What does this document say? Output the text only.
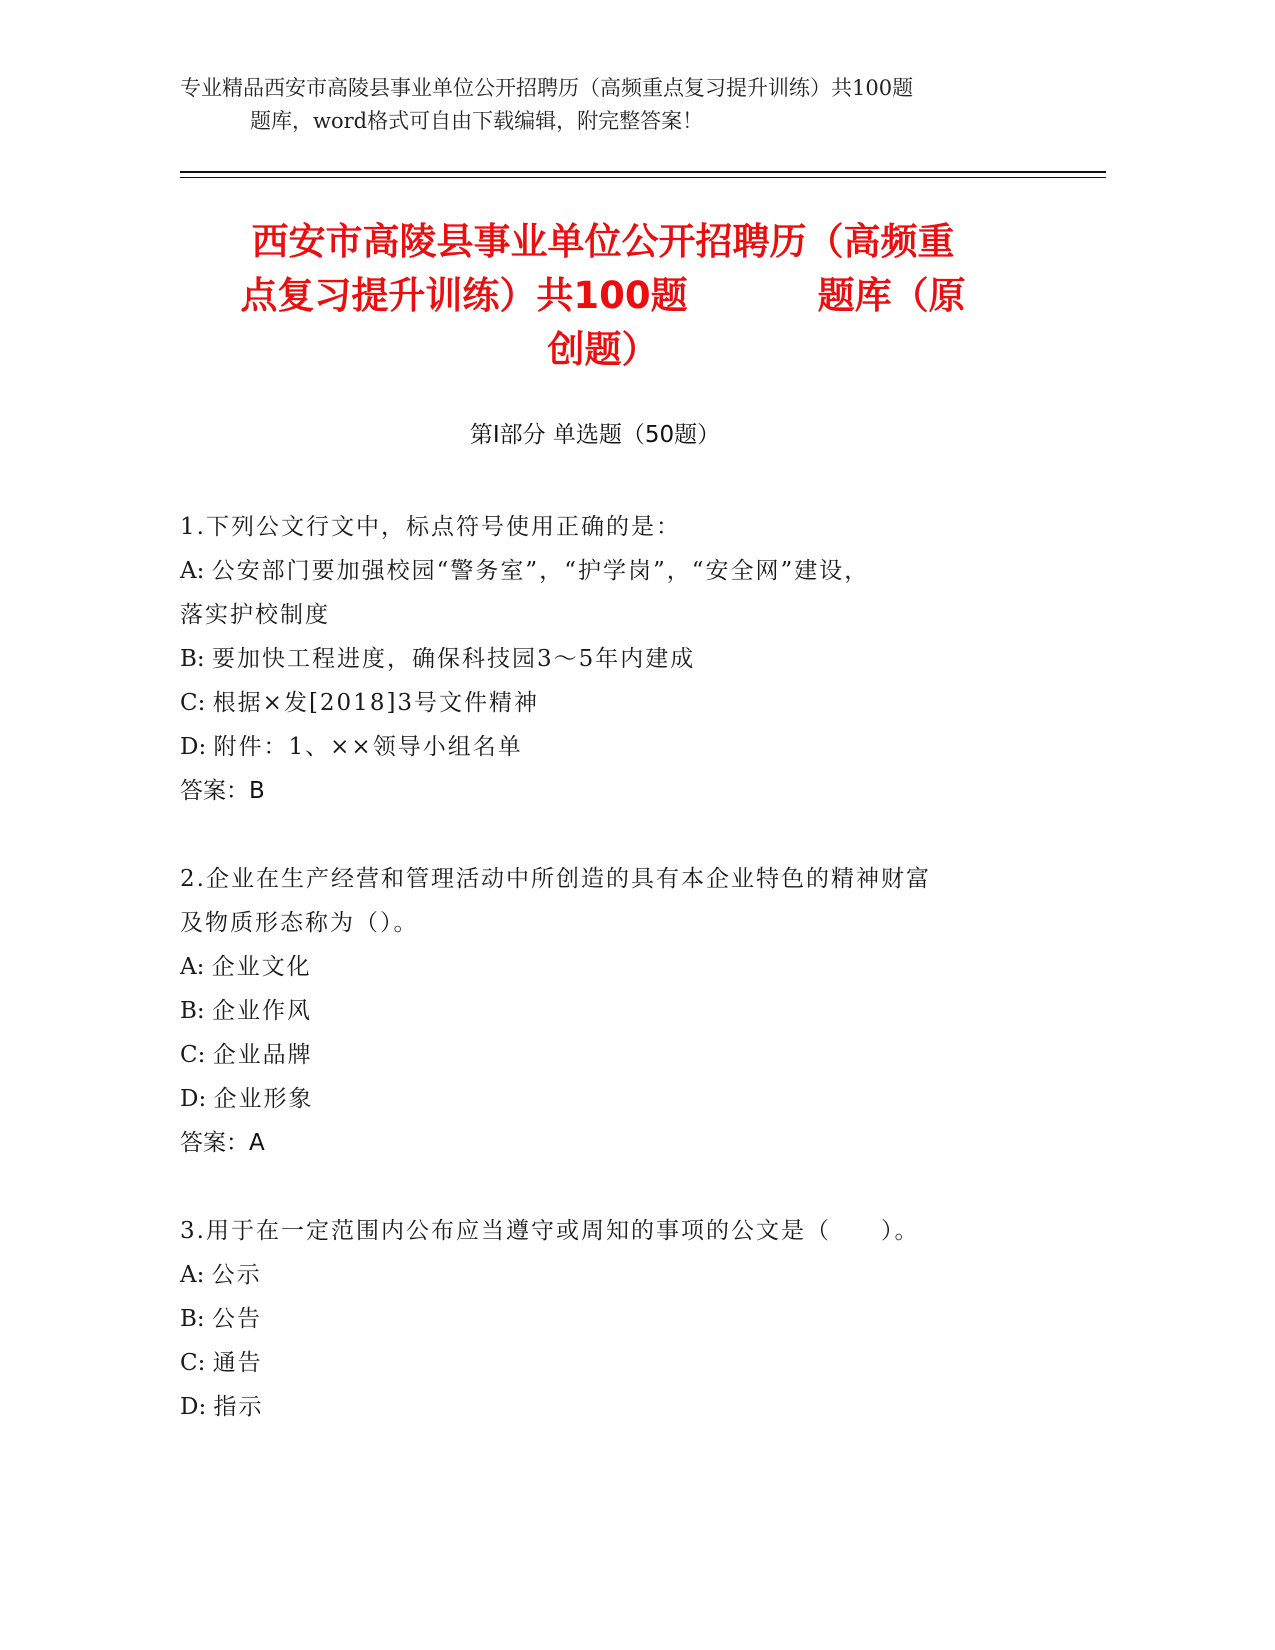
专业精品西安市高陵县事业单位公开招聘历（高频重点复习提升训练）共100题
题库，word格式可自由下载编辑，附完整答案！
西安市高陵县事业单位公开招聘历（高频重
点复习提升训练）共100题	题库（原
创题）
第Ⅰ部分 单选题（50题）
1.下列公文行文中，标点符号使用正确的是：
A: 公安部门要加强校园“警务室”，“护学岗”，“安全网”建设，
落实护校制度
B: 要加快工程进度，确保科技园3～5年内建成
C: 根据×发[2018]3号文件精神
D: 附件：1、××领导小组名单
答案：B
2.企业在生产经营和管理活动中所创造的具有本企业特色的精神财富
及物质形态称为（）。
A: 企业文化
B: 企业作风
C: 企业品牌
D: 企业形象
答案：A
3.用于在一定范围内公布应当遵守或周知的事项的公文是（　　）。
A: 公示
B: 公告
C: 通告
D: 指示
